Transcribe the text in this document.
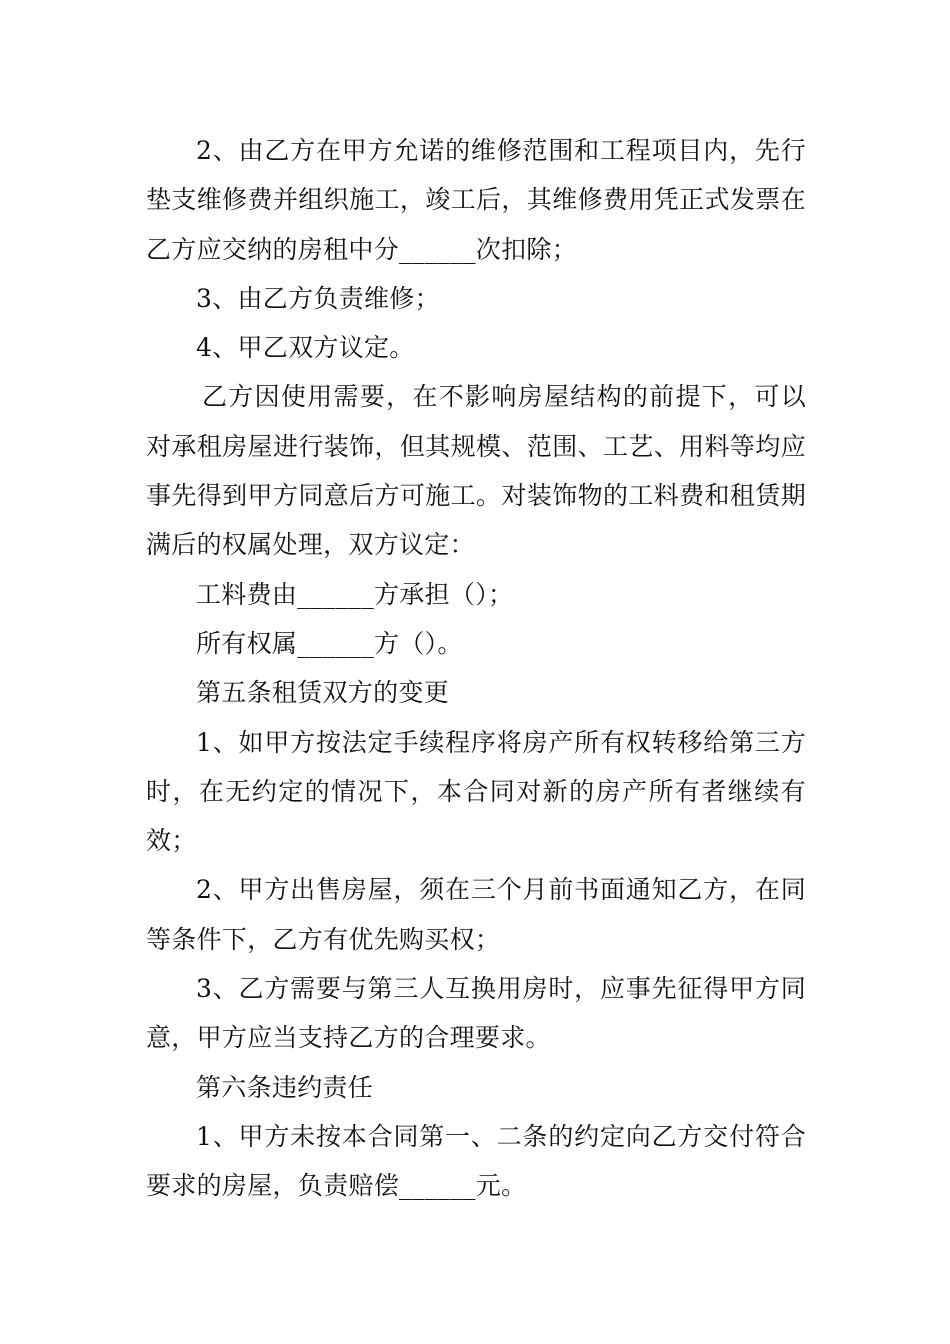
2、由乙方在甲方允诺的维修范围和工程项目内，先行垫支维修费并组织施工，竣工后，其维修费用凭正式发票在乙方应交纳的房租中分______次扣除；

3、由乙方负责维修；

4、甲乙双方议定。

乙方因使用需要，在不影响房屋结构的前提下，可以对承租房屋进行装饰，但其规模、范围、工艺、用料等均应事先得到甲方同意后方可施工。对装饰物的工料费和租赁期满后的权属处理，双方议定：

工料费由______方承担（）；

所有权属______方（）。

第五条租赁双方的变更

1、如甲方按法定手续程序将房产所有权转移给第三方时，在无约定的情况下，本合同对新的房产所有者继续有效；

2、甲方出售房屋，须在三个月前书面通知乙方，在同等条件下，乙方有优先购买权；

3、乙方需要与第三人互换用房时，应事先征得甲方同意，甲方应当支持乙方的合理要求。

第六条违约责任

1、甲方未按本合同第一、二条的约定向乙方交付符合要求的房屋，负责赔偿______元。
